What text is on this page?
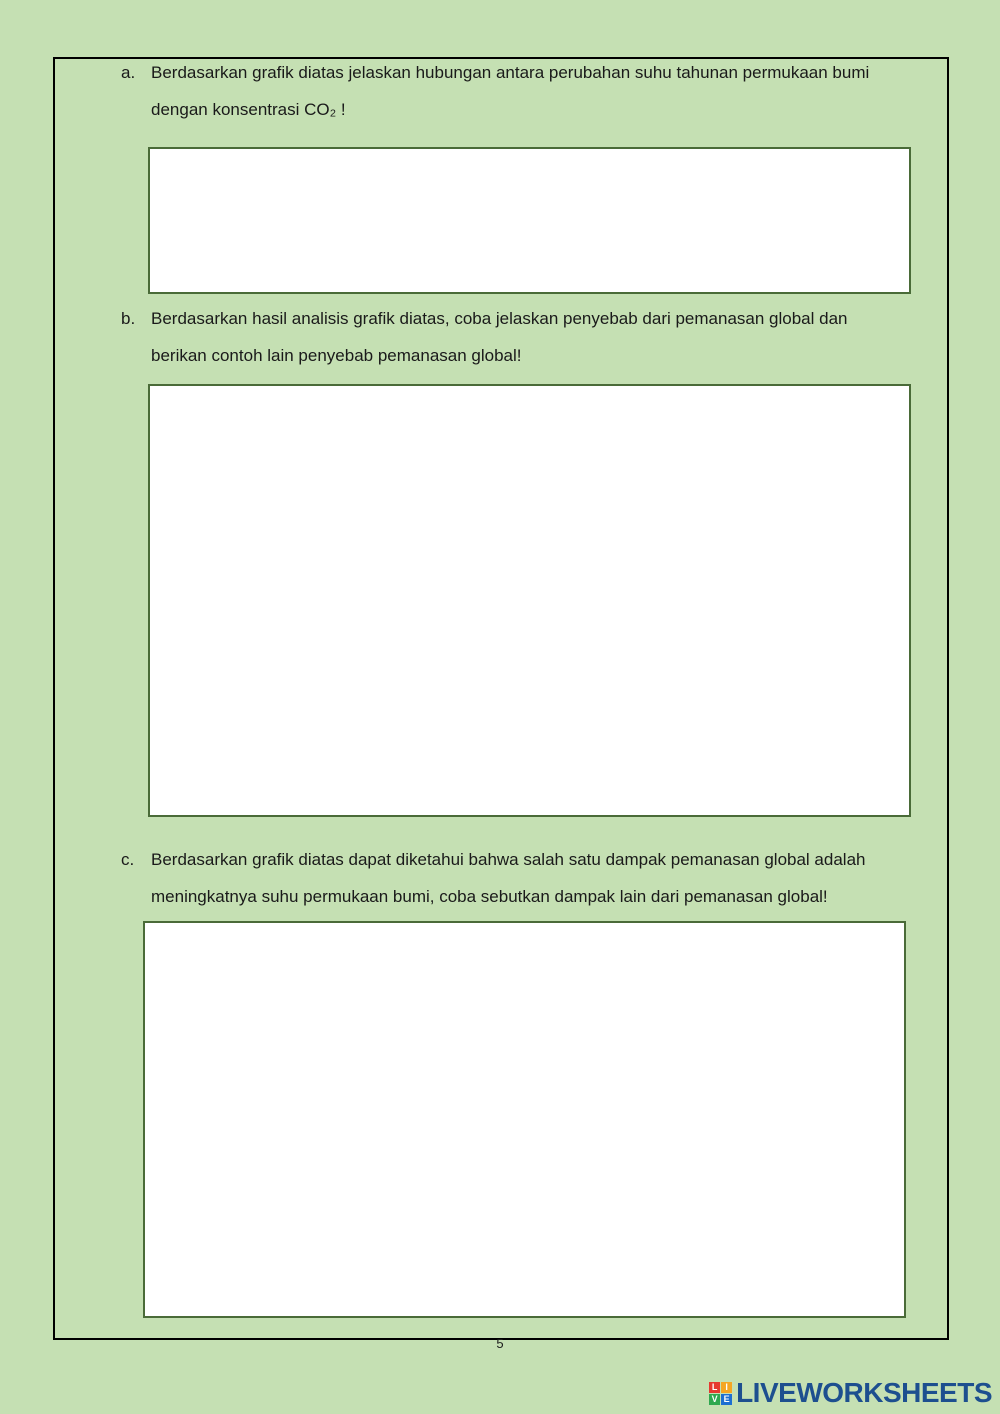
a. Berdasarkan grafik diatas jelaskan hubungan antara perubahan suhu tahunan permukaan bumi
dengan konsentrasi CO₂ !
b. Berdasarkan hasil analisis grafik diatas, coba jelaskan penyebab dari pemanasan global dan
berikan contoh lain penyebab pemanasan global!
c. Berdasarkan grafik diatas dapat diketahui bahwa salah satu dampak pemanasan global adalah
meningkatnya suhu permukaan bumi, coba sebutkan dampak lain dari pemanasan global!
5
L I
V E LIVEWORKSHEETS
